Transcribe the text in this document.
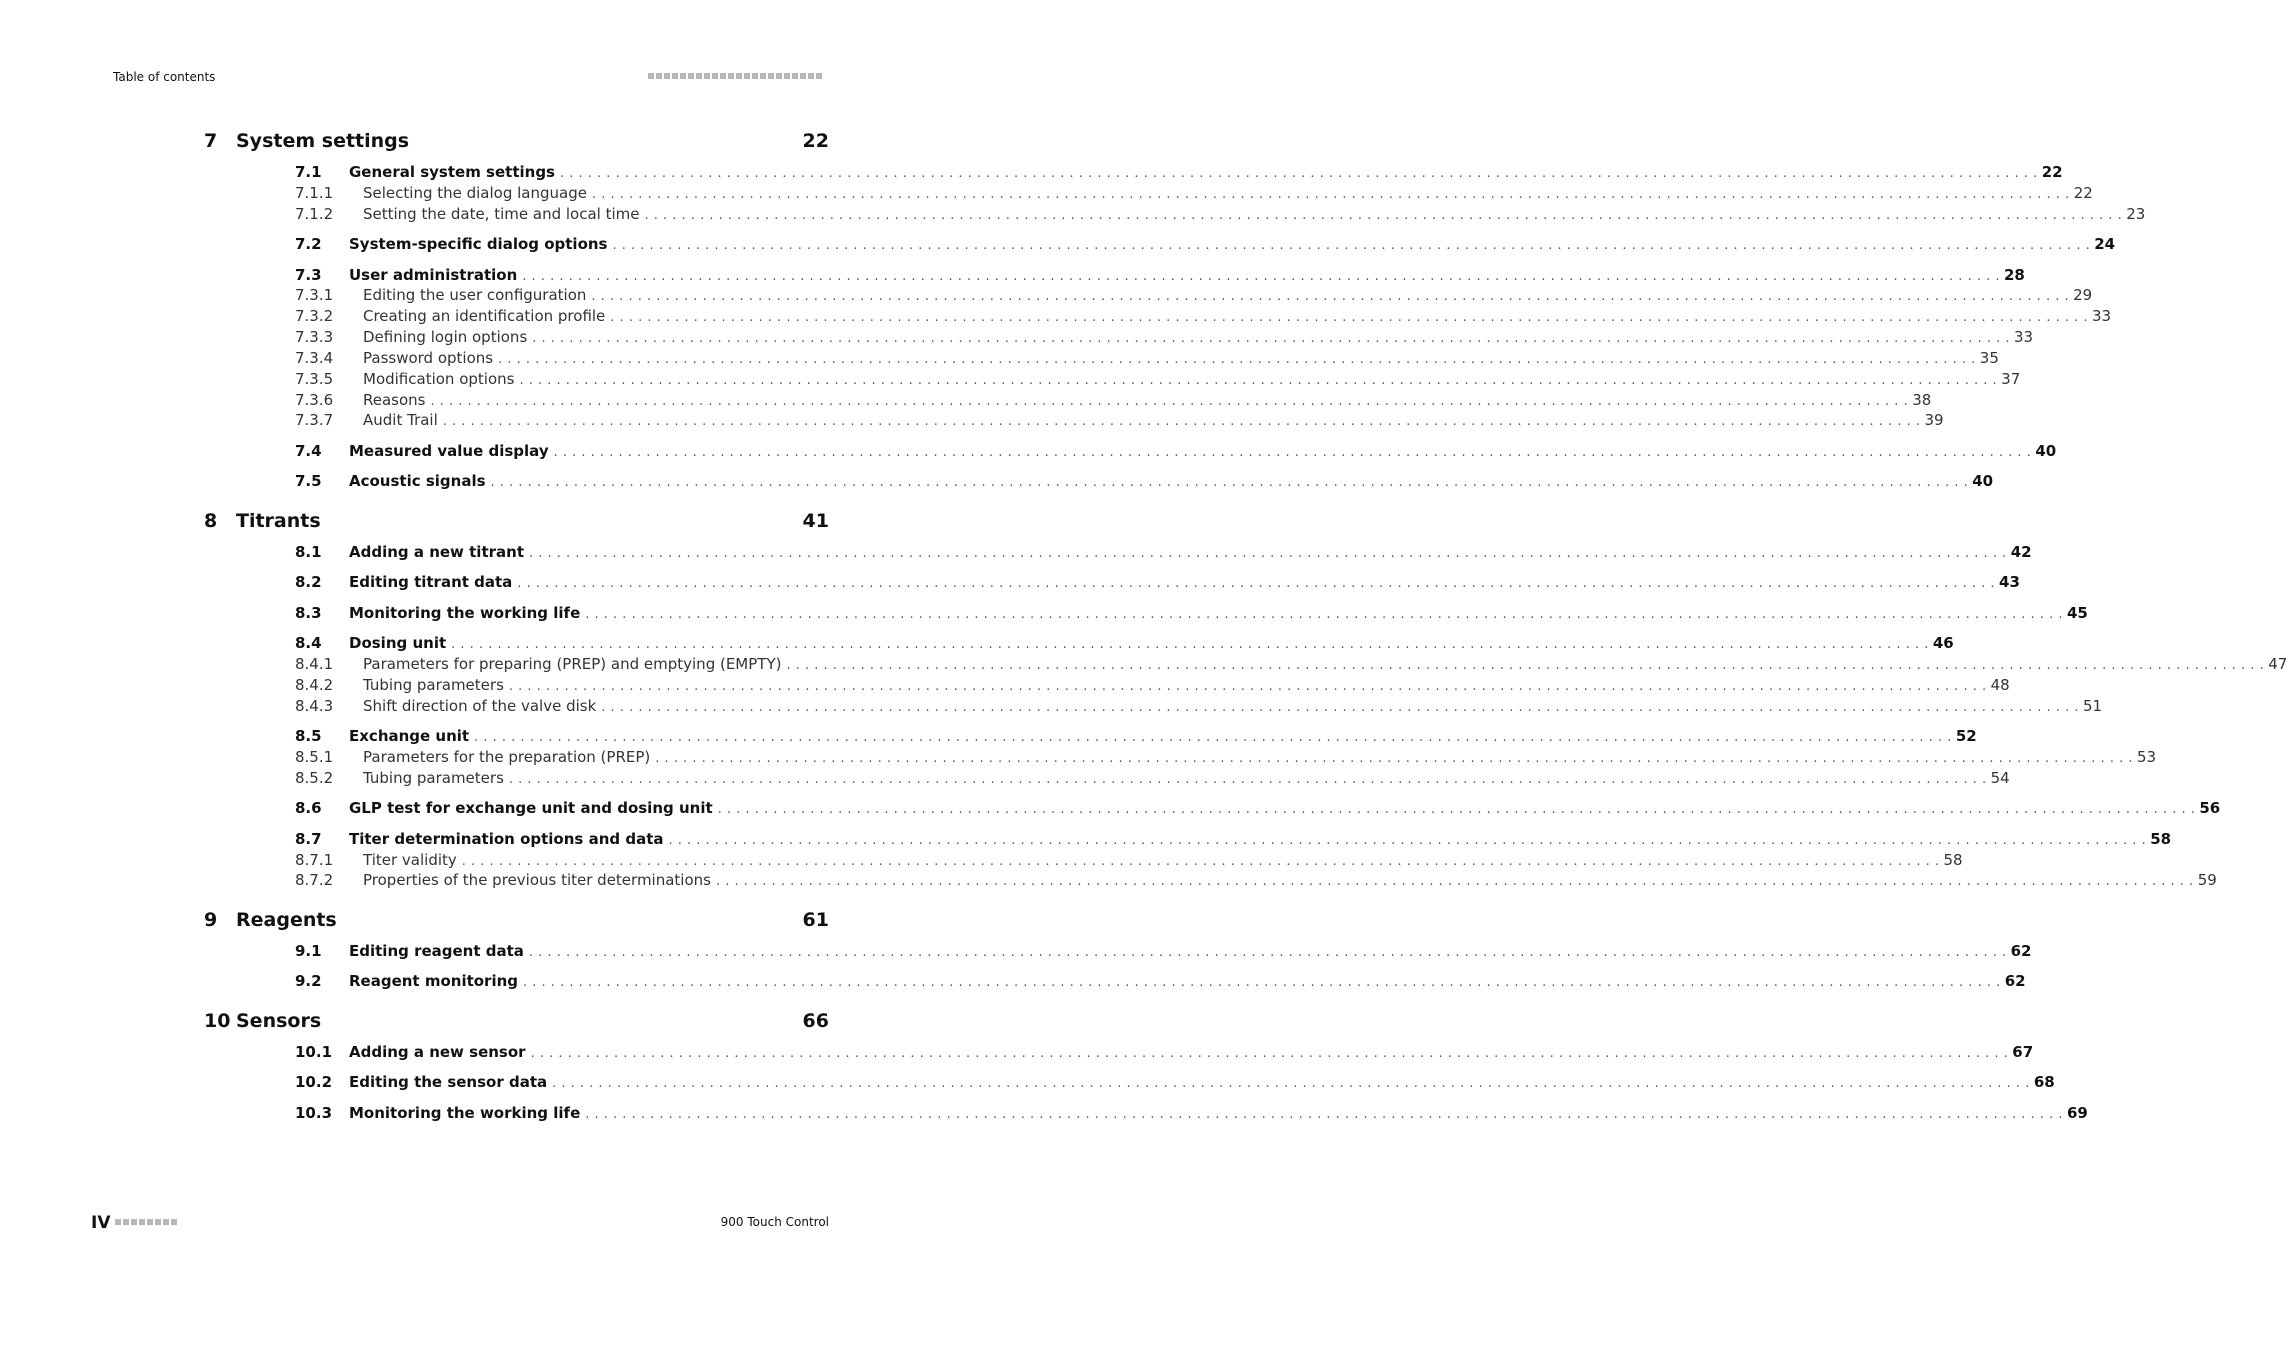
Table of contents
7 System settings	22
7.1 General system settings . . . . . . . . . . . . . . . . . . . . . . . . . . . . . . . . . . . . . . . . . . . . . . . . . . . . . . . . . . . . . . . . . . . . . . . . . . . . . . . . . . . . . . . . . . . . . . . . . . . . . . . . . . . . . . . . . . . . . . . . . . . . . . . . . . . . . . . . . . . . . . . . . . . . . . . . . . . . . . . . 22
7.1.1 Selecting the dialog language . . . . . . . . . . . . . . . . . . . . . . . . . . . . . . . . . . . . . . . . . . . . . . . . . . . . . . . . . . . . . . . . . . . . . . . . . . . . . . . . . . . . . . . . . . . . . . . . . . . . . . . . . . . . . . . . . . . . . . . . . . . . . . . . . . . . . . . . . . . . . . . . . . . . . . . . . . . . . . . . 22
7.1.2 Setting the date, time and local time . . . . . . . . . . . . . . . . . . . . . . . . . . . . . . . . . . . . . . . . . . . . . . . . . . . . . . . . . . . . . . . . . . . . . . . . . . . . . . . . . . . . . . . . . . . . . . . . . . . . . . . . . . . . . . . . . . . . . . . . . . . . . . . . . . . . . . . . . . . . . . . . . . . . . . . . . . . . . . . . 23
7.2 System-specific dialog options . . . . . . . . . . . . . . . . . . . . . . . . . . . . . . . . . . . . . . . . . . . . . . . . . . . . . . . . . . . . . . . . . . . . . . . . . . . . . . . . . . . . . . . . . . . . . . . . . . . . . . . . . . . . . . . . . . . . . . . . . . . . . . . . . . . . . . . . . . . . . . . . . . . . . . . . . . . . . . . . 24
7.3 User administration . . . . . . . . . . . . . . . . . . . . . . . . . . . . . . . . . . . . . . . . . . . . . . . . . . . . . . . . . . . . . . . . . . . . . . . . . . . . . . . . . . . . . . . . . . . . . . . . . . . . . . . . . . . . . . . . . . . . . . . . . . . . . . . . . . . . . . . . . . . . . . . . . . . . . . . . . . . . . . . . 28
7.3.1 Editing the user configuration . . . . . . . . . . . . . . . . . . . . . . . . . . . . . . . . . . . . . . . . . . . . . . . . . . . . . . . . . . . . . . . . . . . . . . . . . . . . . . . . . . . . . . . . . . . . . . . . . . . . . . . . . . . . . . . . . . . . . . . . . . . . . . . . . . . . . . . . . . . . . . . . . . . . . . . . . . . . . . . . 29
7.3.2 Creating an identification profile . . . . . . . . . . . . . . . . . . . . . . . . . . . . . . . . . . . . . . . . . . . . . . . . . . . . . . . . . . . . . . . . . . . . . . . . . . . . . . . . . . . . . . . . . . . . . . . . . . . . . . . . . . . . . . . . . . . . . . . . . . . . . . . . . . . . . . . . . . . . . . . . . . . . . . . . . . . . . . . . 33
7.3.3 Defining login options . . . . . . . . . . . . . . . . . . . . . . . . . . . . . . . . . . . . . . . . . . . . . . . . . . . . . . . . . . . . . . . . . . . . . . . . . . . . . . . . . . . . . . . . . . . . . . . . . . . . . . . . . . . . . . . . . . . . . . . . . . . . . . . . . . . . . . . . . . . . . . . . . . . . . . . . . . . . . . . . 33
7.3.4 Password options . . . . . . . . . . . . . . . . . . . . . . . . . . . . . . . . . . . . . . . . . . . . . . . . . . . . . . . . . . . . . . . . . . . . . . . . . . . . . . . . . . . . . . . . . . . . . . . . . . . . . . . . . . . . . . . . . . . . . . . . . . . . . . . . . . . . . . . . . . . . . . . . . . . . . . . . . . . . . . . . 35
7.3.5 Modification options . . . . . . . . . . . . . . . . . . . . . . . . . . . . . . . . . . . . . . . . . . . . . . . . . . . . . . . . . . . . . . . . . . . . . . . . . . . . . . . . . . . . . . . . . . . . . . . . . . . . . . . . . . . . . . . . . . . . . . . . . . . . . . . . . . . . . . . . . . . . . . . . . . . . . . . . . . . . . . . . 37
7.3.6 Reasons . . . . . . . . . . . . . . . . . . . . . . . . . . . . . . . . . . . . . . . . . . . . . . . . . . . . . . . . . . . . . . . . . . . . . . . . . . . . . . . . . . . . . . . . . . . . . . . . . . . . . . . . . . . . . . . . . . . . . . . . . . . . . . . . . . . . . . . . . . . . . . . . . . . . . . . . . . . . . . . . 38
7.3.7 Audit Trail . . . . . . . . . . . . . . . . . . . . . . . . . . . . . . . . . . . . . . . . . . . . . . . . . . . . . . . . . . . . . . . . . . . . . . . . . . . . . . . . . . . . . . . . . . . . . . . . . . . . . . . . . . . . . . . . . . . . . . . . . . . . . . . . . . . . . . . . . . . . . . . . . . . . . . . . . . . . . . . . 39
7.4 Measured value display . . . . . . . . . . . . . . . . . . . . . . . . . . . . . . . . . . . . . . . . . . . . . . . . . . . . . . . . . . . . . . . . . . . . . . . . . . . . . . . . . . . . . . . . . . . . . . . . . . . . . . . . . . . . . . . . . . . . . . . . . . . . . . . . . . . . . . . . . . . . . . . . . . . . . . . . . . . . . . . . 40
7.5 Acoustic signals . . . . . . . . . . . . . . . . . . . . . . . . . . . . . . . . . . . . . . . . . . . . . . . . . . . . . . . . . . . . . . . . . . . . . . . . . . . . . . . . . . . . . . . . . . . . . . . . . . . . . . . . . . . . . . . . . . . . . . . . . . . . . . . . . . . . . . . . . . . . . . . . . . . . . . . . . . . . . . . . 40
8 Titrants	41
8.1 Adding a new titrant . . . . . . . . . . . . . . . . . . . . . . . . . . . . . . . . . . . . . . . . . . . . . . . . . . . . . . . . . . . . . . . . . . . . . . . . . . . . . . . . . . . . . . . . . . . . . . . . . . . . . . . . . . . . . . . . . . . . . . . . . . . . . . . . . . . . . . . . . . . . . . . . . . . . . . . . . . . . . . . . 42
8.2 Editing titrant data . . . . . . . . . . . . . . . . . . . . . . . . . . . . . . . . . . . . . . . . . . . . . . . . . . . . . . . . . . . . . . . . . . . . . . . . . . . . . . . . . . . . . . . . . . . . . . . . . . . . . . . . . . . . . . . . . . . . . . . . . . . . . . . . . . . . . . . . . . . . . . . . . . . . . . . . . . . . . . . . 43
8.3 Monitoring the working life . . . . . . . . . . . . . . . . . . . . . . . . . . . . . . . . . . . . . . . . . . . . . . . . . . . . . . . . . . . . . . . . . . . . . . . . . . . . . . . . . . . . . . . . . . . . . . . . . . . . . . . . . . . . . . . . . . . . . . . . . . . . . . . . . . . . . . . . . . . . . . . . . . . . . . . . . . . . . . . . 45
8.4 Dosing unit . . . . . . . . . . . . . . . . . . . . . . . . . . . . . . . . . . . . . . . . . . . . . . . . . . . . . . . . . . . . . . . . . . . . . . . . . . . . . . . . . . . . . . . . . . . . . . . . . . . . . . . . . . . . . . . . . . . . . . . . . . . . . . . . . . . . . . . . . . . . . . . . . . . . . . . . . . . . . . . . 46
8.4.1 Parameters for preparing (PREP) and emptying (EMPTY) . . . . . . . . . . . . . . . . . . . . . . . . . . . . . . . . . . . . . . . . . . . . . . . . . . . . . . . . . . . . . . . . . . . . . . . . . . . . . . . . . . . . . . . . . . . . . . . . . . . . . . . . . . . . . . . . . . . . . . . . . . . . . . . . . . . . . . . . . . . . . . . . . . . . . . . . . . . . . . . . 47
8.4.2 Tubing parameters . . . . . . . . . . . . . . . . . . . . . . . . . . . . . . . . . . . . . . . . . . . . . . . . . . . . . . . . . . . . . . . . . . . . . . . . . . . . . . . . . . . . . . . . . . . . . . . . . . . . . . . . . . . . . . . . . . . . . . . . . . . . . . . . . . . . . . . . . . . . . . . . . . . . . . . . . . . . . . . . 48
8.4.3 Shift direction of the valve disk . . . . . . . . . . . . . . . . . . . . . . . . . . . . . . . . . . . . . . . . . . . . . . . . . . . . . . . . . . . . . . . . . . . . . . . . . . . . . . . . . . . . . . . . . . . . . . . . . . . . . . . . . . . . . . . . . . . . . . . . . . . . . . . . . . . . . . . . . . . . . . . . . . . . . . . . . . . . . . . . 51
8.5 Exchange unit . . . . . . . . . . . . . . . . . . . . . . . . . . . . . . . . . . . . . . . . . . . . . . . . . . . . . . . . . . . . . . . . . . . . . . . . . . . . . . . . . . . . . . . . . . . . . . . . . . . . . . . . . . . . . . . . . . . . . . . . . . . . . . . . . . . . . . . . . . . . . . . . . . . . . . . . . . . . . . . . 52
8.5.1 Parameters for the preparation (PREP) . . . . . . . . . . . . . . . . . . . . . . . . . . . . . . . . . . . . . . . . . . . . . . . . . . . . . . . . . . . . . . . . . . . . . . . . . . . . . . . . . . . . . . . . . . . . . . . . . . . . . . . . . . . . . . . . . . . . . . . . . . . . . . . . . . . . . . . . . . . . . . . . . . . . . . . . . . . . . . . . 53
8.5.2 Tubing parameters . . . . . . . . . . . . . . . . . . . . . . . . . . . . . . . . . . . . . . . . . . . . . . . . . . . . . . . . . . . . . . . . . . . . . . . . . . . . . . . . . . . . . . . . . . . . . . . . . . . . . . . . . . . . . . . . . . . . . . . . . . . . . . . . . . . . . . . . . . . . . . . . . . . . . . . . . . . . . . . . 54
8.6 GLP test for exchange unit and dosing unit . . . . . . . . . . . . . . . . . . . . . . . . . . . . . . . . . . . . . . . . . . . . . . . . . . . . . . . . . . . . . . . . . . . . . . . . . . . . . . . . . . . . . . . . . . . . . . . . . . . . . . . . . . . . . . . . . . . . . . . . . . . . . . . . . . . . . . . . . . . . . . . . . . . . . . . . . . . . . . . . 56
8.7 Titer determination options and data . . . . . . . . . . . . . . . . . . . . . . . . . . . . . . . . . . . . . . . . . . . . . . . . . . . . . . . . . . . . . . . . . . . . . . . . . . . . . . . . . . . . . . . . . . . . . . . . . . . . . . . . . . . . . . . . . . . . . . . . . . . . . . . . . . . . . . . . . . . . . . . . . . . . . . . . . . . . . . . . 58
8.7.1 Titer validity . . . . . . . . . . . . . . . . . . . . . . . . . . . . . . . . . . . . . . . . . . . . . . . . . . . . . . . . . . . . . . . . . . . . . . . . . . . . . . . . . . . . . . . . . . . . . . . . . . . . . . . . . . . . . . . . . . . . . . . . . . . . . . . . . . . . . . . . . . . . . . . . . . . . . . . . . . . . . . . . 58
8.7.2 Properties of the previous titer determinations . . . . . . . . . . . . . . . . . . . . . . . . . . . . . . . . . . . . . . . . . . . . . . . . . . . . . . . . . . . . . . . . . . . . . . . . . . . . . . . . . . . . . . . . . . . . . . . . . . . . . . . . . . . . . . . . . . . . . . . . . . . . . . . . . . . . . . . . . . . . . . . . . . . . . . . . . . . . . . . . 59
9 Reagents	61
9.1 Editing reagent data . . . . . . . . . . . . . . . . . . . . . . . . . . . . . . . . . . . . . . . . . . . . . . . . . . . . . . . . . . . . . . . . . . . . . . . . . . . . . . . . . . . . . . . . . . . . . . . . . . . . . . . . . . . . . . . . . . . . . . . . . . . . . . . . . . . . . . . . . . . . . . . . . . . . . . . . . . . . . . . . 62
9.2 Reagent monitoring . . . . . . . . . . . . . . . . . . . . . . . . . . . . . . . . . . . . . . . . . . . . . . . . . . . . . . . . . . . . . . . . . . . . . . . . . . . . . . . . . . . . . . . . . . . . . . . . . . . . . . . . . . . . . . . . . . . . . . . . . . . . . . . . . . . . . . . . . . . . . . . . . . . . . . . . . . . . . . . . 62
10 Sensors	66
10.1 Adding a new sensor . . . . . . . . . . . . . . . . . . . . . . . . . . . . . . . . . . . . . . . . . . . . . . . . . . . . . . . . . . . . . . . . . . . . . . . . . . . . . . . . . . . . . . . . . . . . . . . . . . . . . . . . . . . . . . . . . . . . . . . . . . . . . . . . . . . . . . . . . . . . . . . . . . . . . . . . . . . . . . . . 67
10.2 Editing the sensor data . . . . . . . . . . . . . . . . . . . . . . . . . . . . . . . . . . . . . . . . . . . . . . . . . . . . . . . . . . . . . . . . . . . . . . . . . . . . . . . . . . . . . . . . . . . . . . . . . . . . . . . . . . . . . . . . . . . . . . . . . . . . . . . . . . . . . . . . . . . . . . . . . . . . . . . . . . . . . . . . 68
10.3 Monitoring the working life . . . . . . . . . . . . . . . . . . . . . . . . . . . . . . . . . . . . . . . . . . . . . . . . . . . . . . . . . . . . . . . . . . . . . . . . . . . . . . . . . . . . . . . . . . . . . . . . . . . . . . . . . . . . . . . . . . . . . . . . . . . . . . . . . . . . . . . . . . . . . . . . . . . . . . . . . . . . . . . . 69
IV	900 Touch Control
